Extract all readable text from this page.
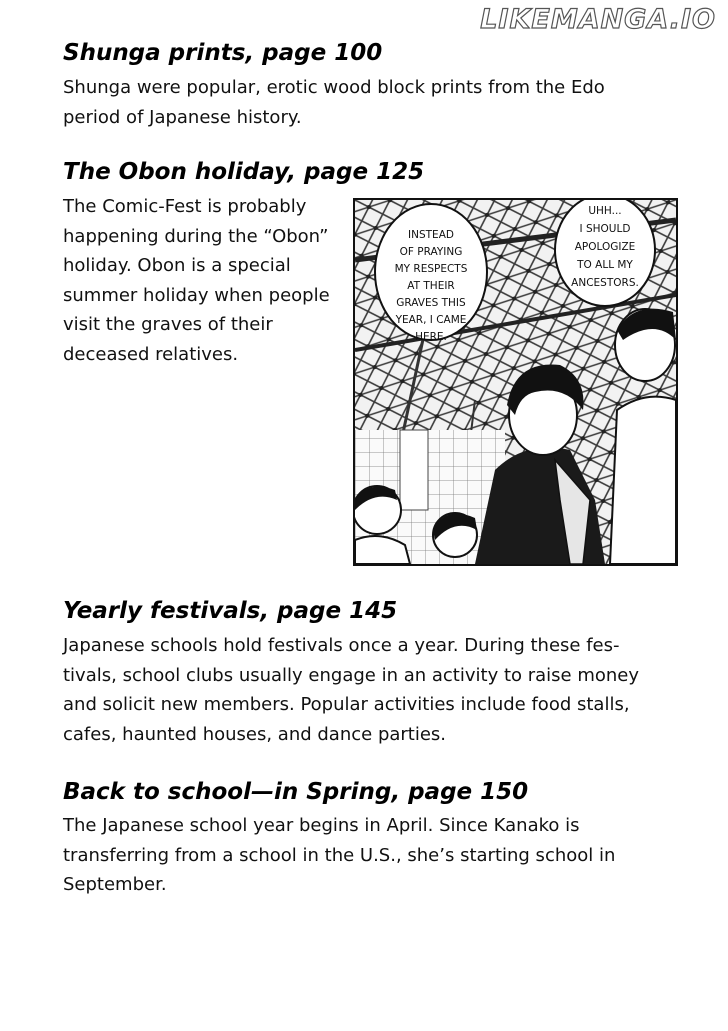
LIKEMANGA.IO
Shunga prints, page 100
Shunga were popular, erotic wood block prints from the Edo
period of Japanese history.
The Obon holiday, page 125
The Comic-Fest is probably
happening during the “Obon”
holiday. Obon is a special
summer holiday when people
visit the graves of their
deceased relatives.
INSTEAD
OF PRAYING
MY RESPECTS
AT THEIR
GRAVES THIS
YEAR, I CAME
HERE.
UHH...
I SHOULD
APOLOGIZE
TO ALL MY
ANCESTORS.
Yearly festivals, page 145
Japanese schools hold festivals once a year. During these fes-
tivals, school clubs usually engage in an activity to raise money
and solicit new members. Popular activities include food stalls,
cafes, haunted houses, and dance parties.
Back to school—in Spring, page 150
The Japanese school year begins in April. Since Kanako is
transferring from a school in the U.S., she’s starting school in
September.
